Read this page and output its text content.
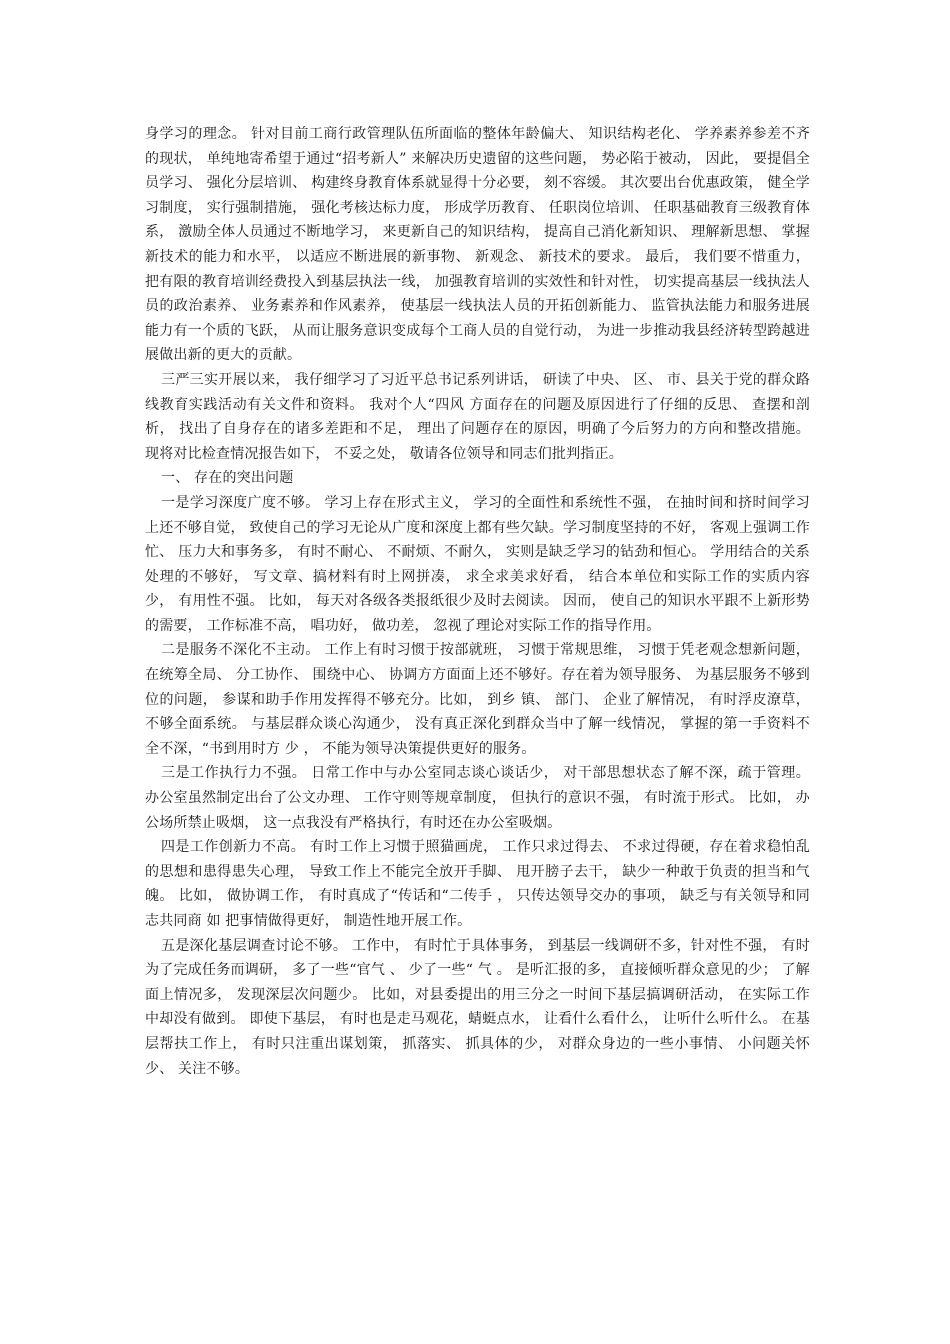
身学习的理念。 针对目前工商行政管理队伍所面临的整体年龄偏大、 知识结构老化、 学养素养参差不齐的现状， 单纯地寄希望于通过“招考新人” 来解决历史遗留的这些问题， 势必陷于被动， 因此， 要提倡全员学习、 强化分层培训、 构建终身教育体系就显得十分必要， 刻不容缓。 其次要出台优惠政策， 健全学习制度， 实行强制措施， 强化考核达标力度， 形成学历教育、 任职岗位培训、 任职基础教育三级教育体系， 激励全体人员通过不断地学习， 来更新自己的知识结构， 提高自己消化新知识、 理解新思想、 掌握新技术的能力和水平， 以适应不断进展的新事物、 新观念、 新技术的要求。 最后， 我们要不惜重力， 把有限的教育培训经费投入到基层执法一线， 加强教育培训的实效性和针对性， 切实提高基层一线执法人员的政治素养、 业务素养和作风素养， 使基层一线执法人员的开拓创新能力、 监管执法能力和服务进展能力有一个质的飞跃， 从而让服务意识变成每个工商人员的自觉行动， 为进一步推动我县经济转型跨越进展做出新的更大的贡献。

三严三实开展以来， 我仔细学习了习近平总书记系列讲话， 研读了中央、 区、 市、县关于党的群众路线教育实践活动有关文件和资料。 我对个人“四风 方面存在的问题及原因进行了仔细的反思、 查摆和剖析， 找出了自身存在的诸多差距和不足， 理出了问题存在的原因，明确了今后努力的方向和整改措施。 现将对比检查情况报告如下， 不妥之处， 敬请各位领导和同志们批判指正。

一、 存在的突出问题

一是学习深度广度不够。 学习上存在形式主义， 学习的全面性和系统性不强， 在抽时间和挤时间学习上还不够自觉， 致使自己的学习无论从广度和深度上都有些欠缺。学习制度坚持的不好， 客观上强调工作忙、 压力大和事务多， 有时不耐心、 不耐烦、不耐久， 实则是缺乏学习的钻劲和恒心。 学用结合的关系处理的不够好， 写文章、搞材料有时上网拼凑， 求全求美求好看， 结合本单位和实际工作的实质内容少， 有用性不强。 比如， 每天对各级各类报纸很少及时去阅读。 因而， 使自己的知识水平跟不上新形势的需要， 工作标准不高， 唱功好， 做功差， 忽视了理论对实际工作的指导作用。

二是服务不深化不主动。 工作上有时习惯于按部就班， 习惯于常规思维， 习惯于凭老观念想新问题， 在统筹全局、 分工协作、 围绕中心、 协调方方面面上还不够好。存在着为领导服务、 为基层服务不够到位的问题， 参谋和助手作用发挥得不够充分。比如， 到乡 镇、 部门、 企业了解情况， 有时浮皮潦草， 不够全面系统。 与基层群众谈心沟通少， 没有真正深化到群众当中了解一线情况， 掌握的第一手资料不全不深，“书到用时方 少 ， 不能为领导决策提供更好的服务。

三是工作执行力不强。 日常工作中与办公室同志谈心谈话少， 对干部思想状态了解不深，疏于管理。 办公室虽然制定出台了公文办理、 工作守则等规章制度， 但执行的意识不强， 有时流于形式。 比如， 办公场所禁止吸烟， 这一点我没有严格执行，有时还在办公室吸烟。

四是工作创新力不高。 有时工作上习惯于照猫画虎， 工作只求过得去、 不求过得硬，存在着求稳怕乱的思想和患得患失心理， 导致工作上不能完全放开手脚、 甩开膀子去干， 缺少一种敢于负责的担当和气魄。 比如， 做协调工作， 有时真成了“传话和“二传手 ， 只传达领导交办的事项， 缺乏与有关领导和同志共同商 如 把事情做得更好， 制造性地开展工作。

五是深化基层调查讨论不够。 工作中， 有时忙于具体事务， 到基层一线调研不多，针对性不强， 有时为了完成任务而调研， 多了一些“官气 、 少了一些“ 气 。 是听汇报的多， 直接倾听群众意见的少； 了解面上情况多， 发现深层次问题少。 比如，对县委提出的用三分之一时间下基层搞调研活动， 在实际工作中却没有做到。 即使下基层， 有时也是走马观花，蜻蜓点水， 让看什么看什么， 让听什么听什么。 在基层帮扶工作上， 有时只注重出谋划策， 抓落实、 抓具体的少， 对群众身边的一些小事情、 小问题关怀少、 关注不够。
